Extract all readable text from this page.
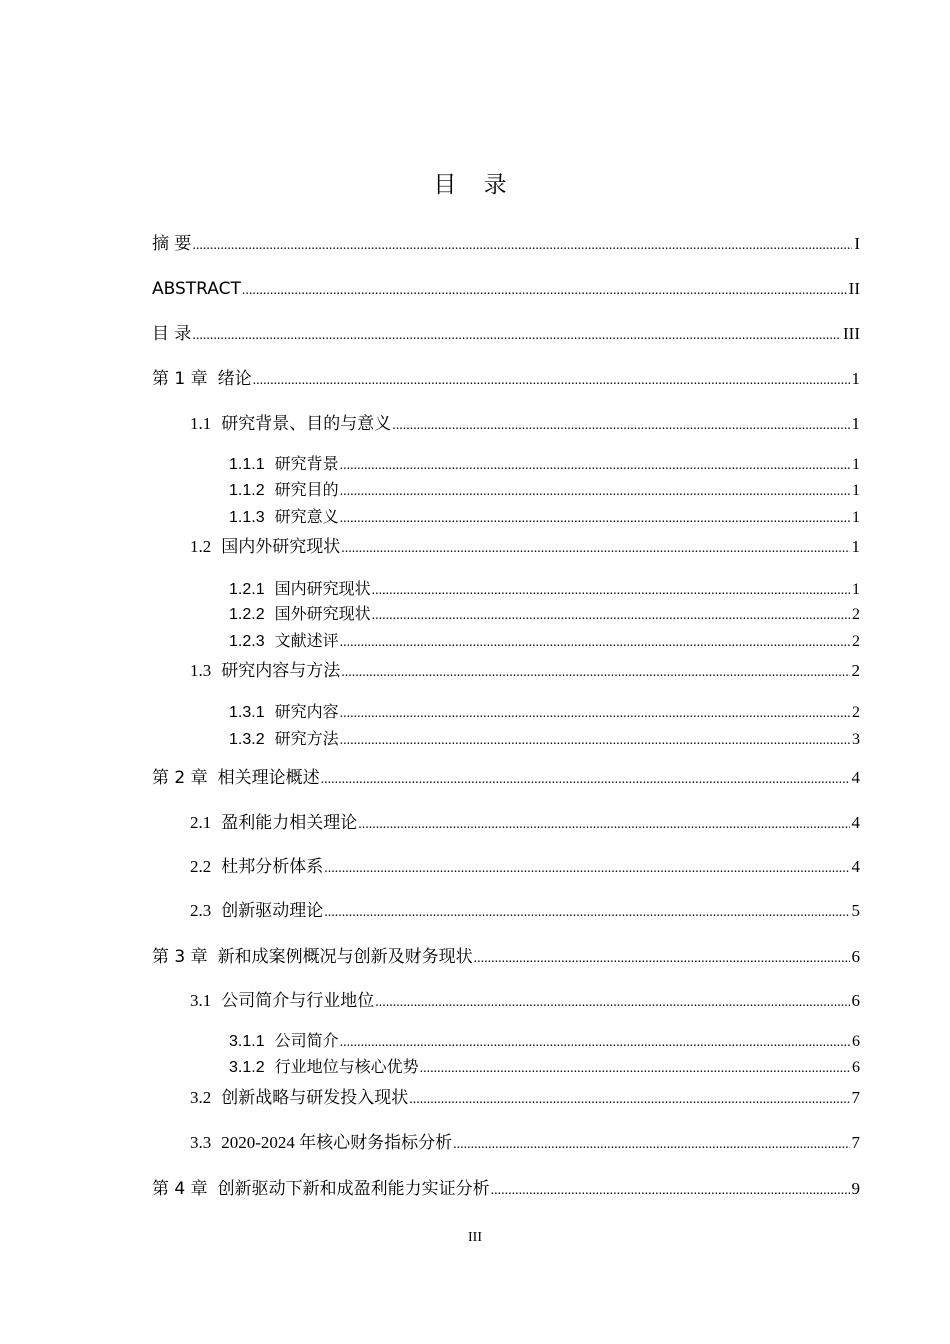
目 录
摘 要 .....	I
ABSTRACT .....	II
目 录 .....	III
第 1 章 绪论 .....	1
1.1 研究背景、目的与意义 .....	1
1.1.1 研究背景 .....	1
1.1.2 研究目的 .....	1
1.1.3 研究意义 .....	1
1.2 国内外研究现状 .....	1
1.2.1 国内研究现状 .....	1
1.2.2 国外研究现状 .....	2
1.2.3 文献述评 .....	2
1.3 研究内容与方法 .....	2
1.3.1 研究内容 .....	2
1.3.2 研究方法 .....	3
第 2 章 相关理论概述 .....	4
2.1 盈利能力相关理论 .....	4
2.2 杜邦分析体系 .....	4
2.3 创新驱动理论 .....	5
第 3 章 新和成案例概况与创新及财务现状 .....	6
3.1 公司简介与行业地位 .....	6
3.1.1 公司简介 .....	6
3.1.2 行业地位与核心优势 .....	6
3.2 创新战略与研发投入现状 .....	7
3.3 2020-2024 年核心财务指标分析 .....	7
第 4 章 创新驱动下新和成盈利能力实证分析 .....	9
III
